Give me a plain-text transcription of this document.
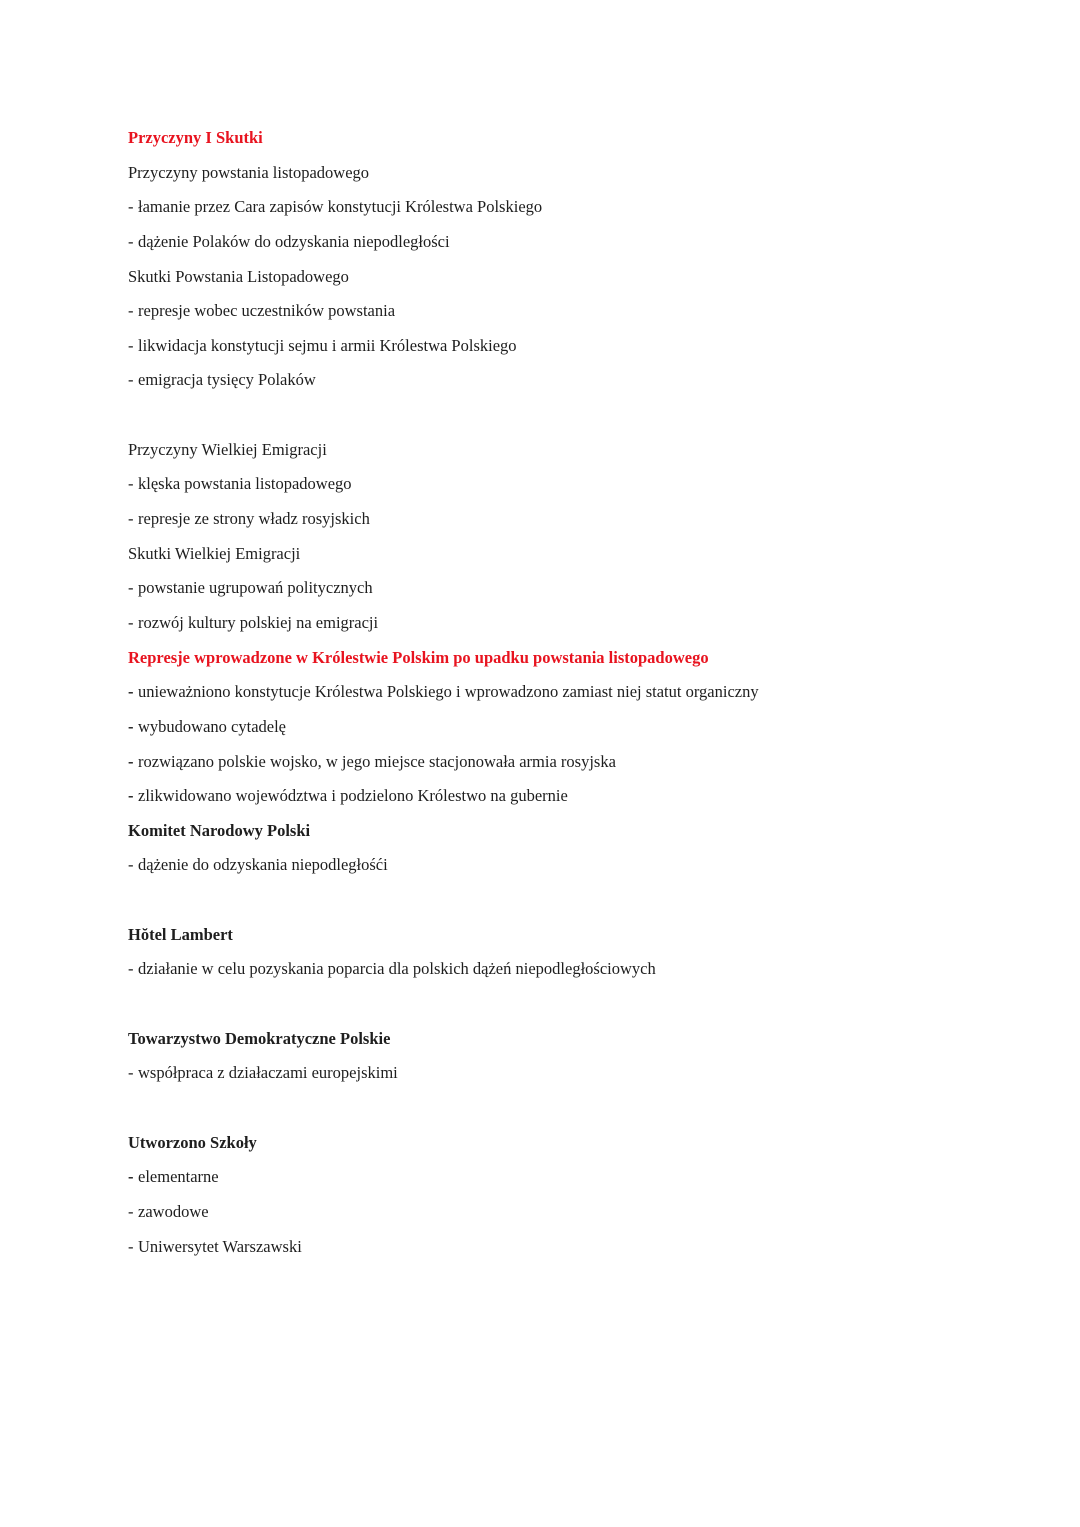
Przyczyny I Skutki

Przyczyny powstania listopadowego

- łamanie przez Cara zapisów konstytucji Królestwa Polskiego

- dążenie Polaków do odzyskania niepodległości

Skutki Powstania Listopadowego

- represje wobec uczestników powstania

- likwidacja konstytucji sejmu i armii Królestwa Polskiego

- emigracja tysięcy Polaków

Przyczyny Wielkiej Emigracji

- klęska powstania listopadowego

- represje ze strony władz rosyjskich

Skutki Wielkiej Emigracji

- powstanie ugrupowań politycznych

- rozwój kultury polskiej na emigracji

Represje wprowadzone w Królestwie Polskim po upadku powstania listopadowego

- unieważniono konstytucje Królestwa Polskiego i wprowadzono zamiast niej statut organiczny

- wybudowano cytadelę

- rozwiązano polskie wojsko, w jego miejsce stacjonowała armia rosyjska

- zlikwidowano województwa i podzielono Królestwo na gubernie

Komitet Narodowy Polski

- dążenie do odzyskania niepodległośći

Hŏtel Lambert

- działanie w celu pozyskania poparcia dla polskich dążeń niepodległościowych

Towarzystwo Demokratyczne Polskie

- współpraca z działaczami europejskimi

Utworzono Szkoły

- elementarne

- zawodowe

- Uniwersytet Warszawski
